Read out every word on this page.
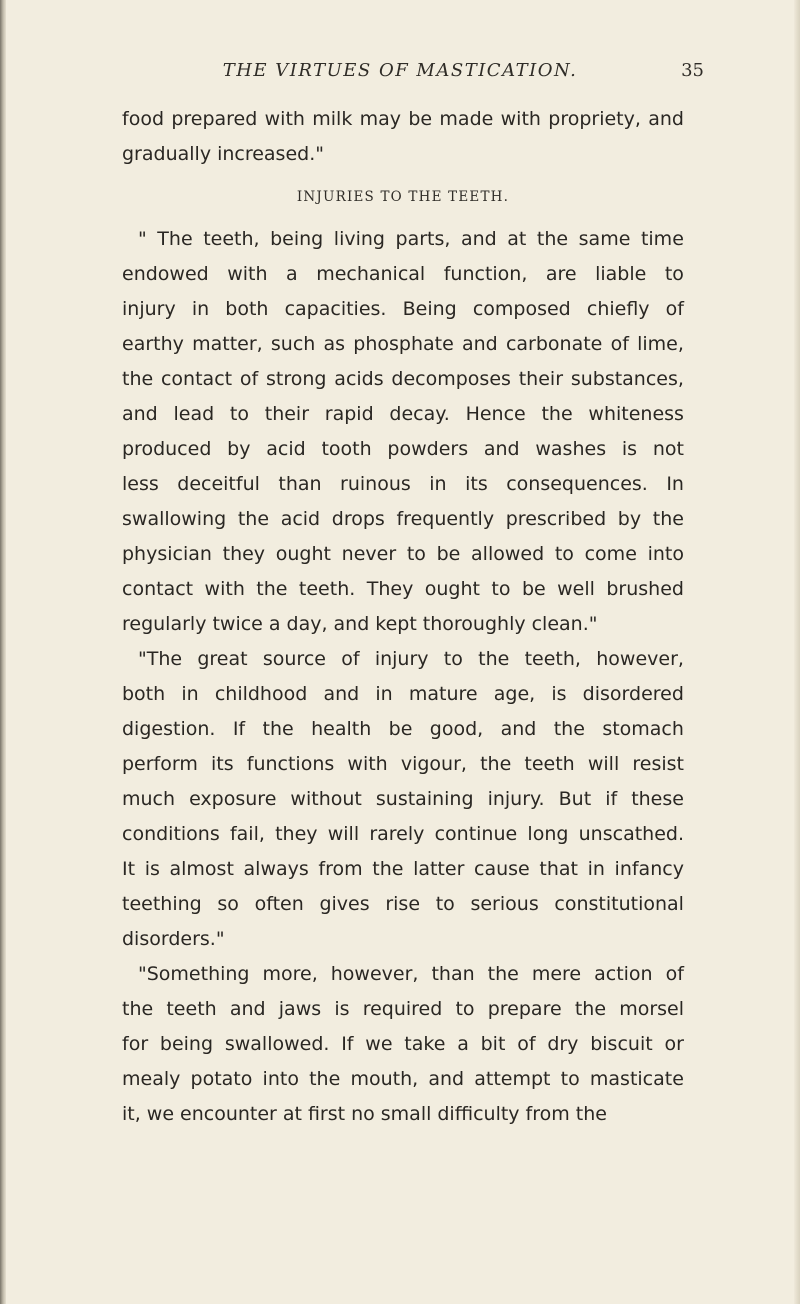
THE VIRTUES OF MASTICATION.	35
food prepared with milk may be made with propriety, and
gradually increased."
INJURIES TO THE TEETH.
" The teeth, being living parts, and at the same time
endowed with a mechanical function, are liable to
injury in both capacities. Being composed chiefly of
earthy matter, such as phosphate and carbonate of lime,
the contact of strong acids decomposes their substances,
and lead to their rapid decay. Hence the whiteness
produced by acid tooth powders and washes is not
less deceitful than ruinous in its consequences. In
swallowing the acid drops frequently prescribed by the
physician they ought never to be allowed to come into
contact with the teeth. They ought to be well brushed
regularly twice a day, and kept thoroughly clean."
"The great source of injury to the teeth, however,
both in childhood and in mature age, is disordered
digestion. If the health be good, and the stomach
perform its functions with vigour, the teeth will resist
much exposure without sustaining injury. But if these
conditions fail, they will rarely continue long unscathed.
It is almost always from the latter cause that in infancy
teething so often gives rise to serious constitutional
disorders."
"Something more, however, than the mere action of
the teeth and jaws is required to prepare the morsel
for being swallowed. If we take a bit of dry biscuit or
mealy potato into the mouth, and attempt to masticate
it, we encounter at first no small difficulty from the
